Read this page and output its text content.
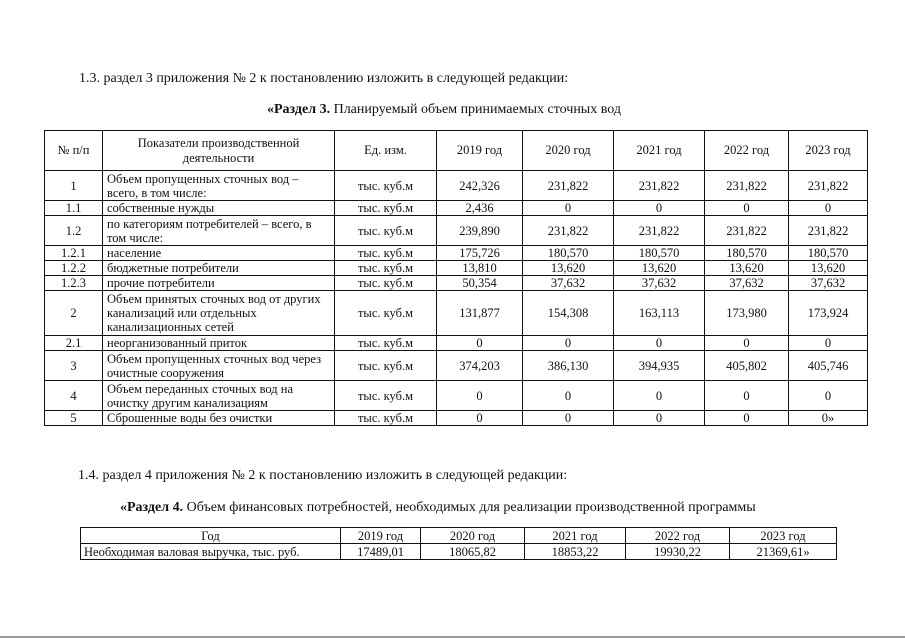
1.3. раздел 3 приложения № 2 к постановлению изложить в следующей редакции:
«Раздел 3. Планируемый объем принимаемых сточных вод
№ п/п	Показатели производственной деятельности	Ед. изм.	2019 год	2020 год	2021 год	2022 год	2023 год
1	Объем пропущенных сточных вод – всего, в том числе:	тыс. куб.м	242,326	231,822	231,822	231,822	231,822
1.1	собственные нужды	тыс. куб.м	2,436	0	0	0	0
1.2	по категориям потребителей – всего, в том числе:	тыс. куб.м	239,890	231,822	231,822	231,822	231,822
1.2.1	население	тыс. куб.м	175,726	180,570	180,570	180,570	180,570
1.2.2	бюджетные потребители	тыс. куб.м	13,810	13,620	13,620	13,620	13,620
1.2.3	прочие потребители	тыс. куб.м	50,354	37,632	37,632	37,632	37,632
2	Объем принятых сточных вод от других канализаций или отдельных канализационных сетей	тыс. куб.м	131,877	154,308	163,113	173,980	173,924
2.1	неорганизованный приток	тыс. куб.м	0	0	0	0	0
3	Объем пропущенных сточных вод через очистные сооружения	тыс. куб.м	374,203	386,130	394,935	405,802	405,746
4	Объем переданных сточных вод на очистку другим канализациям	тыс. куб.м	0	0	0	0	0
5	Сброшенные воды без очистки	тыс. куб.м	0	0	0	0	0»
1.4. раздел 4 приложения № 2 к постановлению изложить в следующей редакции:
«Раздел 4. Объем финансовых потребностей, необходимых для реализации производственной программы
Год	2019 год	2020 год	2021 год	2022 год	2023 год
Необходимая валовая выручка, тыс. руб.	17489,01	18065,82	18853,22	19930,22	21369,61»
